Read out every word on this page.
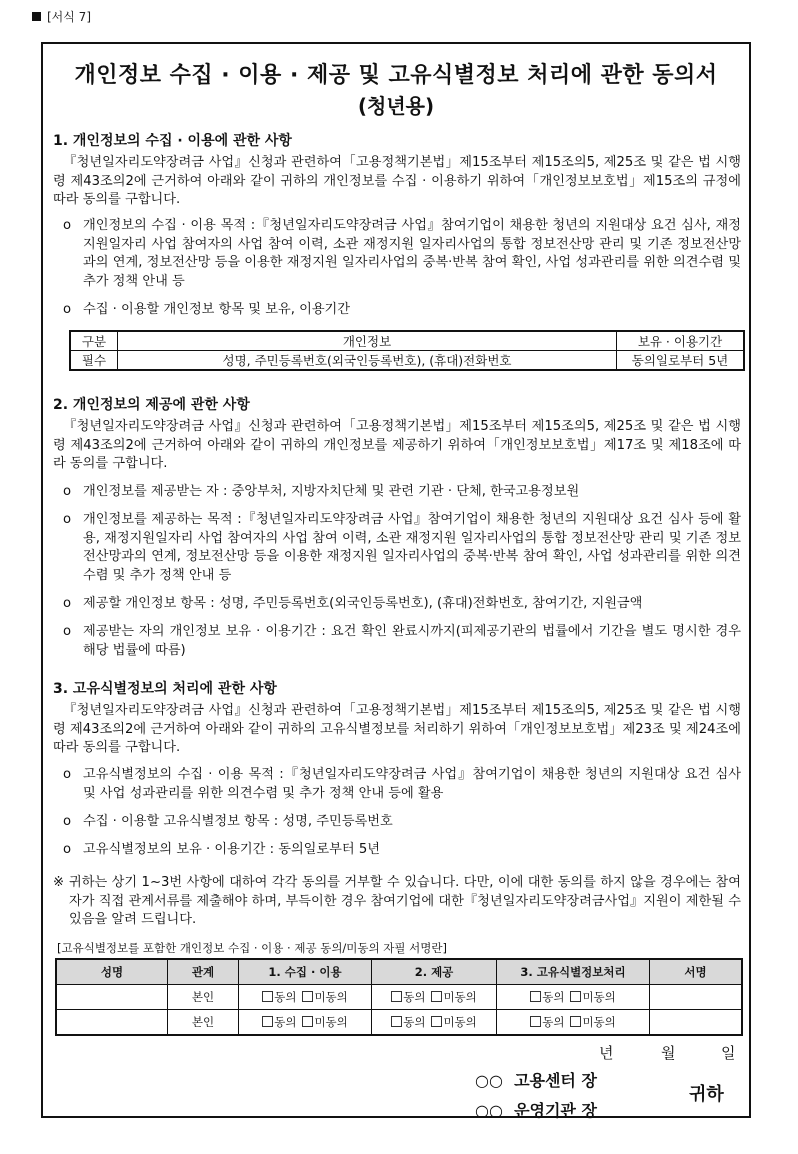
[서식 7]
개인정보 수집 · 이용 · 제공 및 고유식별정보 처리에 관한 동의서
(청년용)
1. 개인정보의 수집 · 이용에 관한 사항
『청년일자리도약장려금 사업』신청과 관련하여「고용정책기본법」제15조부터 제15조의5, 제25조 및 같은 법 시행령 제43조의2에 근거하여 아래와 같이 귀하의 개인정보를 수집 · 이용하기 위하여「개인정보보호법」제15조의 규정에 따라 동의를 구합니다.
o 개인정보의 수집 · 이용 목적 :『청년일자리도약장려금 사업』참여기업이 채용한 청년의 지원대상 요건 심사, 재정지원일자리 사업 참여자의 사업 참여 이력, 소관 재정지원 일자리사업의 통합 정보전산망 관리 및 기존 정보전산망과의 연계, 정보전산망 등을 이용한 재정지원 일자리사업의 중복·반복 참여 확인, 사업 성과관리를 위한 의견수렴 및 추가 정책 안내 등
o 수집 · 이용할 개인정보 항목 및 보유, 이용기간
구분	개인정보	보유 · 이용기간
필수	성명, 주민등록번호(외국인등록번호), (휴대)전화번호	동의일로부터 5년
2. 개인정보의 제공에 관한 사항
『청년일자리도약장려금 사업』신청과 관련하여「고용정책기본법」제15조부터 제15조의5, 제25조 및 같은 법 시행령 제43조의2에 근거하여 아래와 같이 귀하의 개인정보를 제공하기 위하여「개인정보보호법」제17조 및 제18조에 따라 동의를 구합니다.
o 개인정보를 제공받는 자 : 중앙부처, 지방자치단체 및 관련 기관 · 단체, 한국고용정보원
o 개인정보를 제공하는 목적 :『청년일자리도약장려금 사업』참여기업이 채용한 청년의 지원대상 요건 심사 등에 활용, 재정지원일자리 사업 참여자의 사업 참여 이력, 소관 재정지원 일자리사업의 통합 정보전산망 관리 및 기존 정보전산망과의 연계, 정보전산망 등을 이용한 재정지원 일자리사업의 중복·반복 참여 확인, 사업 성과관리를 위한 의견수렴 및 추가 정책 안내 등
o 제공할 개인정보 항목 : 성명, 주민등록번호(외국인등록번호), (휴대)전화번호, 참여기간, 지원금액
o 제공받는 자의 개인정보 보유 · 이용기간 : 요건 확인 완료시까지(피제공기관의 법률에서 기간을 별도 명시한 경우 해당 법률에 따름)
3. 고유식별정보의 처리에 관한 사항
『청년일자리도약장려금 사업』신청과 관련하여「고용정책기본법」제15조부터 제15조의5, 제25조 및 같은 법 시행령 제43조의2에 근거하여 아래와 같이 귀하의 고유식별정보를 처리하기 위하여「개인정보보호법」제23조 및 제24조에 따라 동의를 구합니다.
o 고유식별정보의 수집 · 이용 목적 :『청년일자리도약장려금 사업』참여기업이 채용한 청년의 지원대상 요건 심사 및 사업 성과관리를 위한 의견수렴 및 추가 정책 안내 등에 활용
o 수집 · 이용할 고유식별정보 항목 : 성명, 주민등록번호
o 고유식별정보의 보유 · 이용기간 : 동의일로부터 5년
※ 귀하는 상기 1~3번 사항에 대하여 각각 동의를 거부할 수 있습니다. 다만, 이에 대한 동의를 하지 않을 경우에는 참여자가 직접 관계서류를 제출해야 하며, 부득이한 경우 참여기업에 대한『청년일자리도약장려금사업』지원이 제한될 수 있음을 알려 드립니다.
[고유식별정보를 포함한 개인정보 수집 · 이용 · 제공 동의/미동의 자필 서명란]
성명	관계	1. 수집 · 이용	2. 제공	3. 고유식별정보처리	서명
	본인	동의 미동의	동의 미동의	동의 미동의	
	본인	동의 미동의	동의 미동의	동의 미동의	
년	월	일
○○ 고용센터 장
○○ 운영기관 장
귀하
